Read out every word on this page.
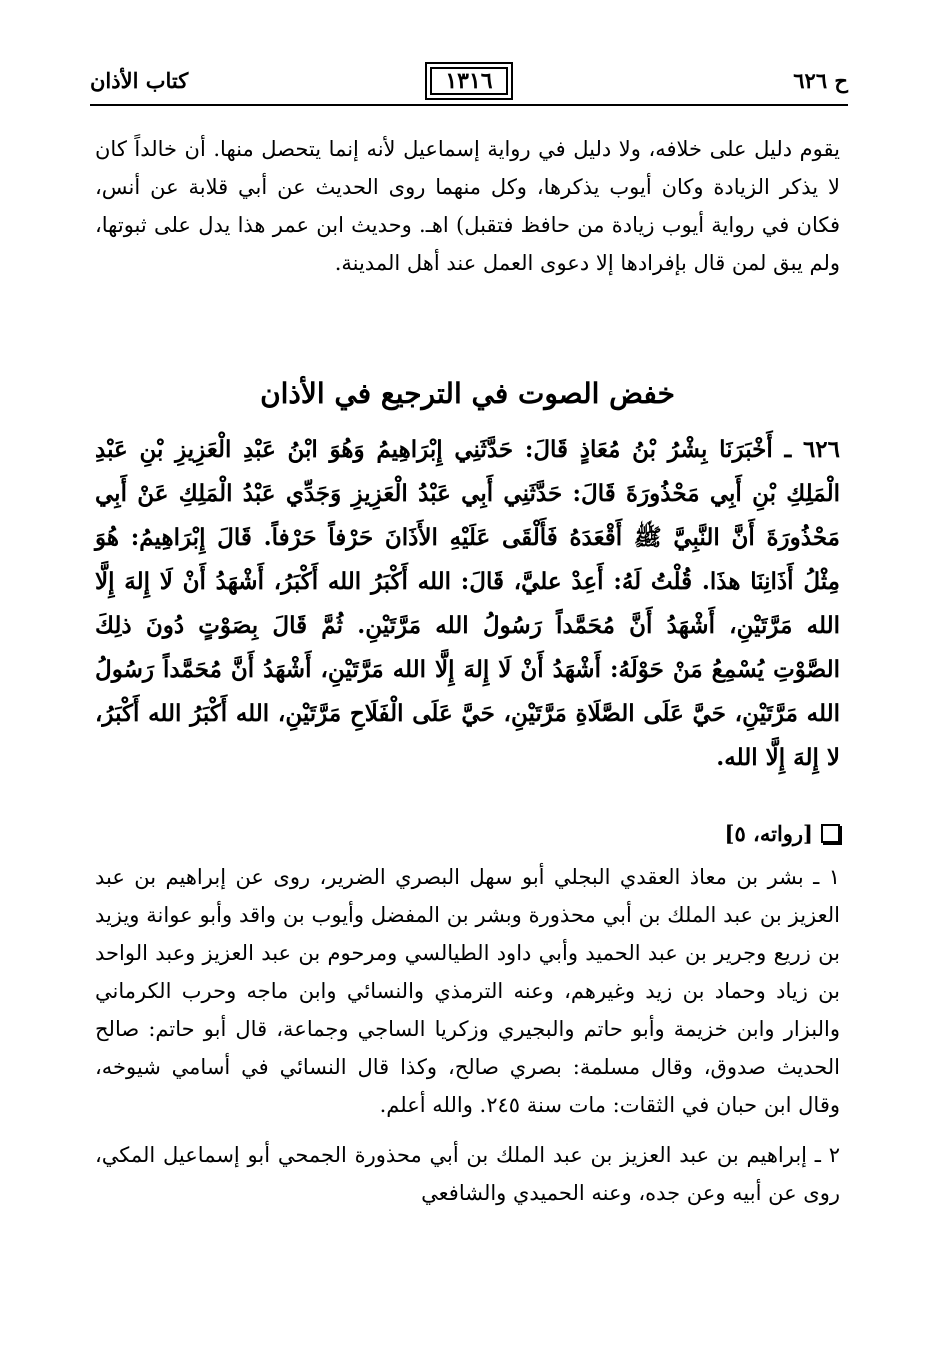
ح ٦٢٦
١٣١٦
كتاب الأذان

يقوم دليل على خلافه، ولا دليل في رواية إسماعيل لأنه إنما يتحصل منها. أن خالداً كان لا يذكر الزيادة وكان أيوب يذكرها، وكل منهما روى الحديث عن أبي قلابة عن أنس، فكان في رواية أيوب زيادة من حافظ فتقبل) اهـ. وحديث ابن عمر هذا يدل على ثبوتها، ولم يبق لمن قال بإفرادها إلا دعوى العمل عند أهل المدينة.

خفض الصوت في الترجيع في الأذان

٦٢٦ ـ أَخْبَرَنَا بِشْرُ بْنُ مُعَاذٍ قَالَ: حَدَّثَنِي إِبْرَاهِيمُ وَهُوَ ابْنُ عَبْدِ الْعَزِيزِ بْنِ عَبْدِ الْمَلِكِ بْنِ أَبِي مَحْذُورَةَ قَالَ: حَدَّثَنِي أَبِي عَبْدُ الْعَزِيزِ وَجَدِّي عَبْدُ الْمَلِكِ عَنْ أَبِي مَحْذُورَةَ أَنَّ النَّبِيَّ ﷺ أَقْعَدَهُ فَأَلْقَى عَلَيْهِ الأَذَانَ حَرْفاً حَرْفاً. قَالَ إِبْرَاهِيمُ: هُوَ مِثْلُ أَذَانِنَا هذَا. قُلْتُ لَهُ: أَعِدْ عليَّ، قَالَ: الله أَكْبَرُ الله أَكْبَرُ، أَشْهَدُ أَنْ لَا إِلهَ إِلَّا الله مَرَّتَيْنِ، أَشْهَدُ أَنَّ مُحَمَّداً رَسُولُ الله مَرَّتَيْنِ. ثُمَّ قَالَ بِصَوْتٍ دُونَ ذلِكَ الصَّوْتِ يُسْمِعُ مَنْ حَوْلَهُ: أَشْهَدُ أَنْ لَا إِلهَ إِلَّا الله مَرَّتَيْنِ، أَشْهَدُ أَنَّ مُحَمَّداً رَسُولُ الله مَرَّتَيْنِ، حَيَّ عَلَى الصَّلَاةِ مَرَّتَيْنِ، حَيَّ عَلَى الْفَلَاحِ مَرَّتَيْنِ، الله أَكْبَرُ الله أَكْبَرُ، لا إِلهَ إِلَّا الله.

[رواته، ٥]

١ ـ بشر بن معاذ العقدي البجلي أبو سهل البصري الضرير، روى عن إبراهيم بن عبد العزيز بن عبد الملك بن أبي محذورة وبشر بن المفضل وأيوب بن واقد وأبو عوانة ويزيد بن زريع وجرير بن عبد الحميد وأبي داود الطيالسي ومرحوم بن عبد العزيز وعبد الواحد بن زياد وحماد بن زيد وغيرهم، وعنه الترمذي والنسائي وابن ماجه وحرب الكرماني والبزار وابن خزيمة وأبو حاتم والبجيري وزكريا الساجي وجماعة، قال أبو حاتم: صالح الحديث صدوق، وقال مسلمة: بصري صالح، وكذا قال النسائي في أسامي شيوخه، وقال ابن حبان في الثقات: مات سنة ٢٤٥. والله أعلم.

٢ ـ إبراهيم بن عبد العزيز بن عبد الملك بن أبي محذورة الجمحي أبو إسماعيل المكي، روى عن أبيه وعن جده، وعنه الحميدي والشافعي
